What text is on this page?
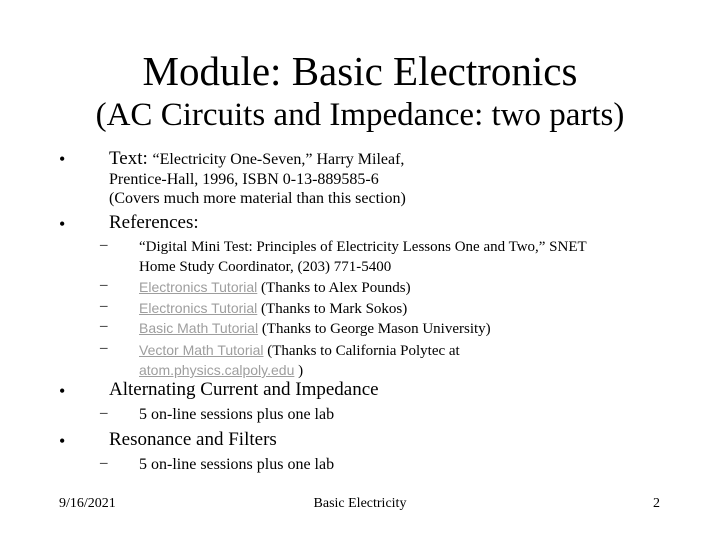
Module: Basic Electronics
(AC Circuits and Impedance: two parts)
• Text: “Electricity One-Seven,” Harry Mileaf,
Prentice-Hall, 1996, ISBN 0‑13‑889585‑6
(Covers much more material than this section)
• References:
– “Digital Mini Test: Principles of Electricity Lessons One and Two,” SNET
Home Study Coordinator, (203) 771-5400
– Electronics Tutorial (Thanks to Alex Pounds)
– Electronics Tutorial (Thanks to Mark Sokos)
– Basic Math Tutorial (Thanks to George Mason University)
– Vector Math Tutorial (Thanks to California Polytec at
atom.physics.calpoly.edu )
• Alternating Current and Impedance
– 5 on-line sessions plus one lab
• Resonance and Filters
– 5 on-line sessions plus one lab
9/16/2021	Basic Electricity	2
